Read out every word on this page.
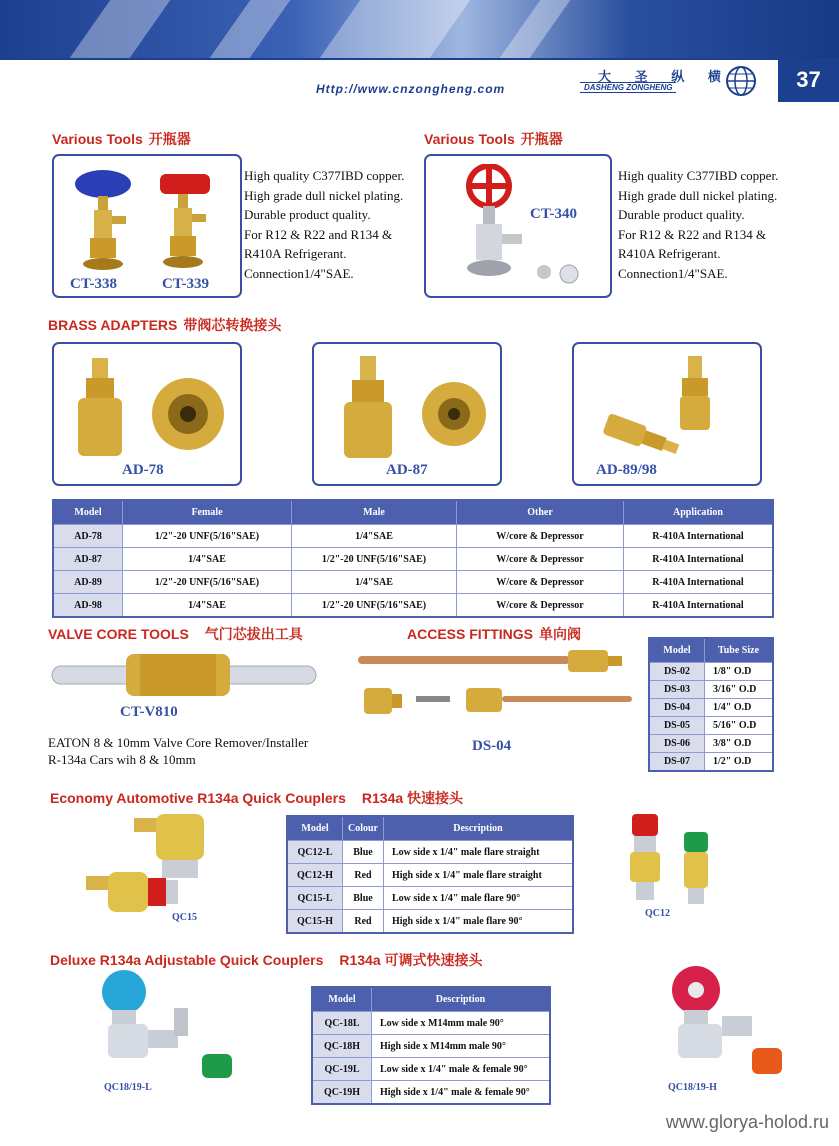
Http://www.cnzongheng.com
大 圣 纵 横
DASHENG ZONGHENG	37
Various Tools 开瓶器
CT-338	CT-339
High quality C377IBD copper.
High grade dull nickel plating.
Durable product quality.
For R12 & R22 and R134 &
R410A Refrigerant.
Connection1/4"SAE.
Various Tools 开瓶器
CT-340
High quality C377IBD copper.
High grade dull nickel plating.
Durable product quality.
For R12 & R22 and R134 &
R410A Refrigerant.
Connection1/4"SAE.
BRASS ADAPTERS 带阀芯转换接头
AD-78	AD-87	AD-89/98
Model	Female	Male	Other	Application
AD-78	1/2"-20 UNF(5/16"SAE)	1/4"SAE	W/core & Depressor	R-410A International
AD-87	1/4"SAE	1/2"-20 UNF(5/16"SAE)	W/core & Depressor	R-410A International
AD-89	1/2"-20 UNF(5/16"SAE)	1/4"SAE	W/core & Depressor	R-410A International
AD-98	1/4"SAE	1/2"-20 UNF(5/16"SAE)	W/core & Depressor	R-410A International
VALVE CORE TOOLS 气门芯拔出工具
CT-V810
EATON 8 & 10mm Valve Core Remover/Installer
R-134a Cars wih 8 & 10mm
ACCESS FITTINGS 单向阀
DS-04
Model	Tube Size
DS-02	1/8" O.D
DS-03	3/16" O.D
DS-04	1/4" O.D
DS-05	5/16" O.D
DS-06	3/8" O.D
DS-07	1/2" O.D
Economy Automotive R134a Quick Couplers R134a 快速接头
QC15
Model	Colour	Description
QC12-L	Blue	Low side x 1/4" male flare straight
QC12-H	Red	High side x 1/4" male flare straight
QC15-L	Blue	Low side x 1/4" male flare 90°
QC15-H	Red	High side x 1/4" male flare 90°
QC12
Deluxe R134a Adjustable Quick Couplers R134a 可调式快速接头
QC18/19-L
Model	Description
QC-18L	Low side x M14mm male 90°
QC-18H	High side x M14mm male 90°
QC-19L	Low side x 1/4" male & female 90°
QC-19H	High side x 1/4" male & female 90°	QC18/19-H
www.glorya-holod.ru
